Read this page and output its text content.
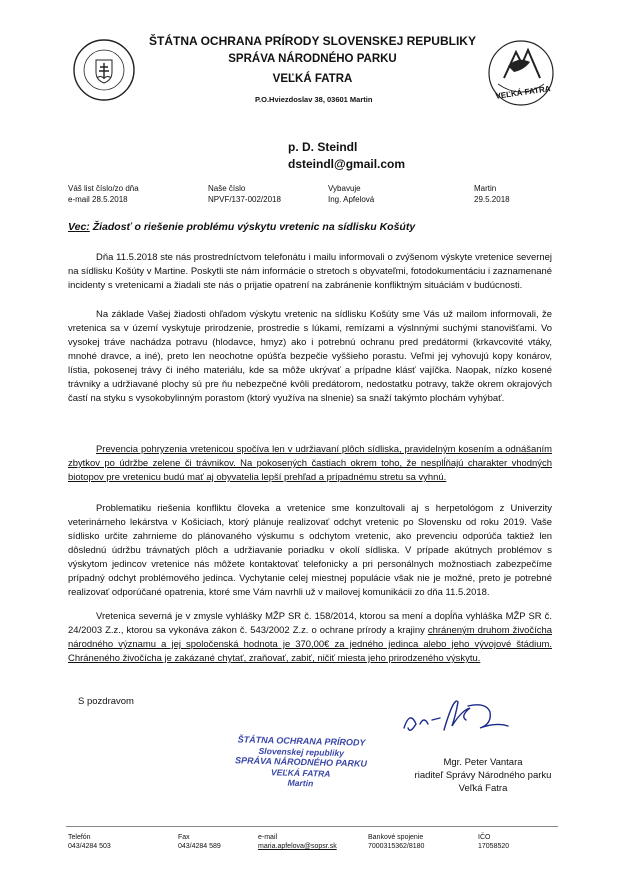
VEĽKÁ FATRA
ŠTÁTNA OCHRANA PRÍRODY SLOVENSKEJ REPUBLIKY
SPRÁVA NÁRODNÉHO PARKU
VEĽKÁ FATRA
P.O.Hviezdoslav 38, 03601 Martin
p. D. Steindl
dsteindl@gmail.com
Váš list číslo/zo dňa
e-mail 28.5.2018
Naše číslo
NPVF/137-002/2018
Vybavuje
Ing. Apfelová
Martin
29.5.2018
Vec: Žiadosť o riešenie problému výskytu vretenic na sídlisku Košúty

Dňa 11.5.2018 ste nás prostredníctvom telefonátu i mailu informovali o zvýšenom výskyte vretenice severnej na sídlisku Košúty v Martine. Poskytli ste nám informácie o stretoch s obyvateľmi, fotodokumentáciu i zaznamenané incidenty s vretenicami a žiadali ste nás o prijatie opatrení na zabránenie konfliktným situáciám v budúcnosti.

Na základe Vašej žiadosti ohľadom výskytu vretenic na sídlisku Košúty sme Vás už mailom informovali, že vretenica sa v území vyskytuje prirodzenie, prostredie s lúkami, remízami a výslnnými suchými stanovišťami. Vo vysokej tráve nachádza potravu (hlodavce, hmyz) ako i potrebnú ochranu pred predátormi (krkavcovité vtáky, mnohé dravce, a iné), preto len neochotne opúšťa bezpečie vyššieho porastu. Veľmi jej vyhovujú kopy konárov, lístia, pokosenej trávy či iného materiálu, kde sa môže ukrývať a prípadne klásť vajíčka. Naopak, nízko kosené trávniky a udržiavané plochy sú pre ňu nebezpečné kvôli predátorom, nedostatku potravy, takže okrem okrajových častí na styku s vysokobylinným porastom (ktorý využíva na slnenie) sa snaží takýmto plochám vyhýbať.

Prevencia pohryzenia vretenicou spočíva len v udržiavaní plôch sídliska, pravidelným kosením a odnášaním zbytkov po údržbe zelene či trávnikov. Na pokosených častiach okrem toho, že nesplĺňajú charakter vhodných biotopov pre vretenicu budú mať aj obyvatelia lepší prehľad a prípadnému stretu sa vyhnú.

Problematiku riešenia konfliktu človeka a vretenice sme konzultovali aj s herpetológom z Univerzity veterinárneho lekárstva v Košiciach, ktorý plánuje realizovať odchyt vretenic po Slovensku od roku 2019. Vaše sídlisko určite zahrnieme do plánovaného výskumu s odchytom vretenic, ako prevenciu odporúča taktiež len dôslednú údržbu trávnatých plôch a udržiavanie poriadku v okolí sídliska. V prípade akútnych problémov s výskytom jedincov vretenice nás môžete kontaktovať telefonicky a pri personálnych možnostiach zabezpečíme prípadný odchyt problémového jedinca. Vychytanie celej miestnej populácie však nie je možné, preto je potrebné realizovať odporúčané opatrenia, ktoré sme Vám navrhli už v mailovej komunikácii zo dňa 11.5.2018.

Vretenica severná je v zmysle vyhlášky MŽP SR č. 158/2014, ktorou sa mení a dopĺňa vyhláška MŽP SR č. 24/2003 Z.z., ktorou sa vykonáva zákon č. 543/2002 Z.z. o ochrane prírody a krajiny chráneným druhom živočícha národného významu a jej spoločenská hodnota je 370,00€ za jedného jedinca alebo jeho vývojové štádium. Chráneného živočícha je zakázané chytať, zraňovať, zabiť, ničiť miesta jeho prirodzeného výskytu.

S pozdravom
ŠTÁTNA OCHRANA PRÍRODY
Slovenskej republiky
SPRÁVA NÁRODNÉHO PARKU
VEĽKÁ FATRA
Martin
Mgr. Peter Vantara
riaditeľ Správy Národného parku
Veľká Fatra
Telefón
043/4284 503
Fax
043/4284 589
e-mail
maria.apfelova@sopsr.sk
Bankové spojenie
7000315362/8180
IČO
17058520
